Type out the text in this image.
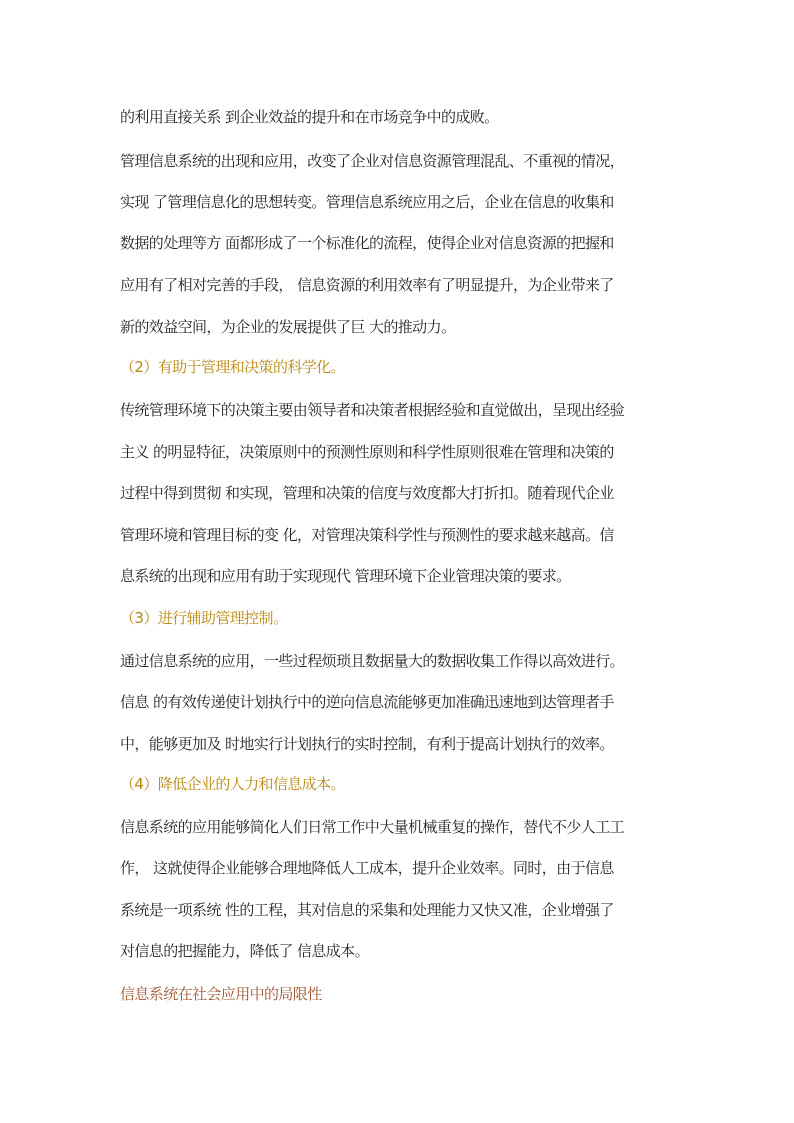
的利用直接关系 到企业效益的提升和在市场竞争中的成败。
管理信息系统的出现和应用，改变了企业对信息资源管理混乱、不重视的情况，
实现 了管理信息化的思想转变。管理信息系统应用之后，企业在信息的收集和
数据的处理等方 面都形成了一个标准化的流程，使得企业对信息资源的把握和
应用有了相对完善的手段， 信息资源的利用效率有了明显提升，为企业带来了
新的效益空间，为企业的发展提供了巨 大的推动力。
（2）有助于管理和决策的科学化。
传统管理环境下的决策主要由领导者和决策者根据经验和直觉做出，呈现出经验
主义 的明显特征，决策原则中的预测性原则和科学性原则很难在管理和决策的
过程中得到贯彻 和实现，管理和决策的信度与效度都大打折扣。随着现代企业
管理环境和管理目标的变 化，对管理决策科学性与预测性的要求越来越高。信
息系统的出现和应用有助于实现现代 管理环境下企业管理决策的要求。
（3）进行辅助管理控制。
通过信息系统的应用，一些过程烦琐且数据量大的数据收集工作得以高效进行。
信息 的有效传递使计划执行中的逆向信息流能够更加准确迅速地到达管理者手
中，能够更加及 时地实行计划执行的实时控制，有利于提高计划执行的效率。
（4）降低企业的人力和信息成本。
信息系统的应用能够简化人们日常工作中大量机械重复的操作，替代不少人工工
作， 这就使得企业能够合理地降低人工成本，提升企业效率。同时，由于信息
系统是一项系统 性的工程，其对信息的采集和处理能力又快又准，企业增强了
对信息的把握能力，降低了 信息成本。
信息系统在社会应用中的局限性
